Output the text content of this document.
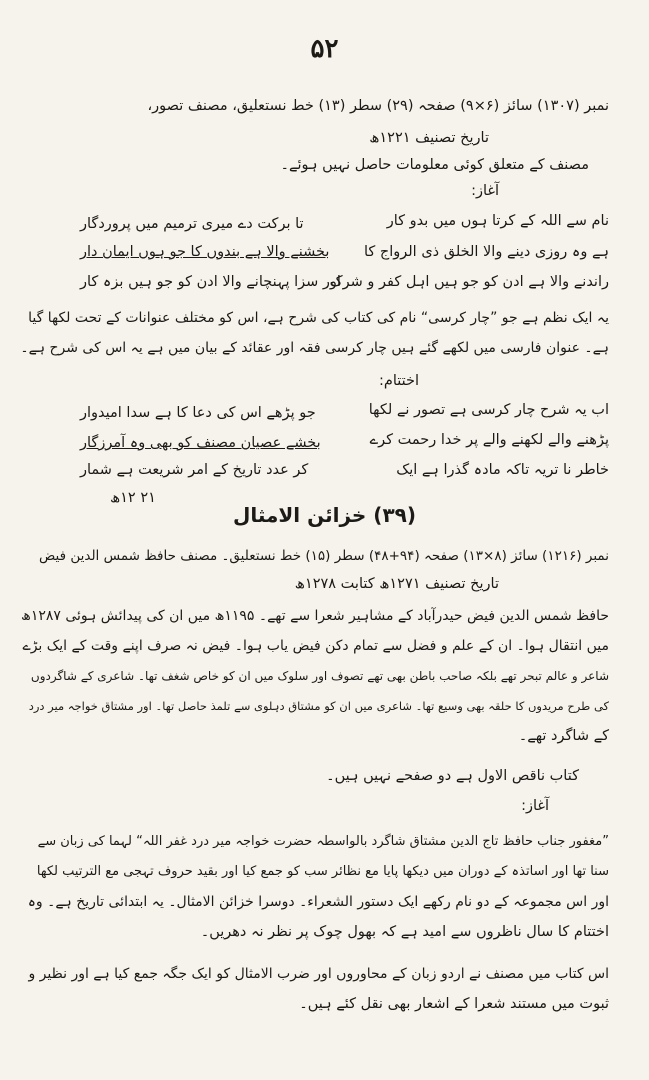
۵۲
نمبر (۱۳۰۷) سائز (۶×۹) صفحہ (۲۹) سطر (۱۳) خط نستعلیق، مصنف تصور،
تاریخ تصنیف ۱۲۲۱ھ
مصنف کے متعلق کوئی معلومات حاصل نہیں ہوئے۔
آغاز:
نام سے اللہ کے کرتا ہوں میں بدو کار
تا برکت دے میری ترمیم میں پروردگار
ہے وہ روزی دینے والا الخلق ذی الرواج کا
بخشنے والا ہے بندوں کا جو ہوں ایمان دار
راندنے والا ہے ادن کو جو ہیں اہل کفر و شرک
اور سزا پہنچانے والا ادن کو جو ہیں بزہ کار
یہ ایک نظم ہے جو ”چار کرسی“ نام کی کتاب کی شرح ہے، اس کو مختلف عنوانات کے تحت لکھا گیا
ہے۔ عنوان فارسی میں لکھے گئے ہیں چار کرسی فقہ اور عقائد کے بیان میں ہے یہ اس کی شرح ہے۔
اختتام:
اب یہ شرح چار کرسی ہے تصور نے لکھا
جو پڑھے اس کی دعا کا ہے سدا امیدوار
پڑھنے والے لکھنے والے پر خدا رحمت کرے
بخشے عصیان مصنف کو بھی وہ آمرزگار
خاطر نا تریہ تاکہ مادہ گذرا ہے ایک
کر عدد تاریخ کے امر شریعت ہے شمار
۲۱ ۱۲ھ
(۳۹) خزائن الامثال
نمبر (۱۲۱۶) سائز (۸×۱۳) صفحہ (۹۴+۴۸) سطر (۱۵) خط نستعلیق۔ مصنف حافظ شمس الدین فیض
تاریخ تصنیف ۱۲۷۱ھ کتابت ۱۲۷۸ھ
حافظ شمس الدین فیض حیدرآباد کے مشاہیر شعرا سے تھے۔ ۱۱۹۵ھ میں ان کی پیدائش ہوئی ۱۲۸۷ھ
میں انتقال ہوا۔ ان کے علم و فضل سے تمام دکن فیض یاب ہوا۔ فیض نہ صرف اپنے وقت کے ایک بڑے
شاعر و عالم تبحر تھے بلکہ صاحب باطن بھی تھے تصوف اور سلوک میں ان کو خاص شغف تھا۔ شاعری کے شاگردوں
کی طرح مریدوں کا حلقہ بھی وسیع تھا۔ شاعری میں ان کو مشتاق دہلوی سے تلمذ حاصل تھا۔ اور مشتاق خواجہ میر درد
کے شاگرد تھے۔
کتاب ناقص الاول ہے دو صفحے نہیں ہیں۔
آغاز:
”مغفور جناب حافظ تاج الدین مشتاق شاگرد بالواسطہ حضرت خواجہ میر درد غفر اللہ“ لہما کی زبان سے
سنا تھا اور اساتذہ کے دوران میں دیکھا پایا مع نظائر سب کو جمع کیا اور بقید حروف تہجی مع الترتیب لکھا
اور اس مجموعہ کے دو نام رکھے ایک دستور الشعراء۔ دوسرا خزائن الامثال۔ یہ ابتدائی تاریخ ہے۔ وہ
اختتام کا سال ناظروں سے امید ہے کہ بھول چوک پر نظر نہ دھریں۔
اس کتاب میں مصنف نے اردو زبان کے محاوروں اور ضرب الامثال کو ایک جگہ جمع کیا ہے اور نظیر و
ثبوت میں مستند شعرا کے اشعار بھی نقل کئے ہیں۔
